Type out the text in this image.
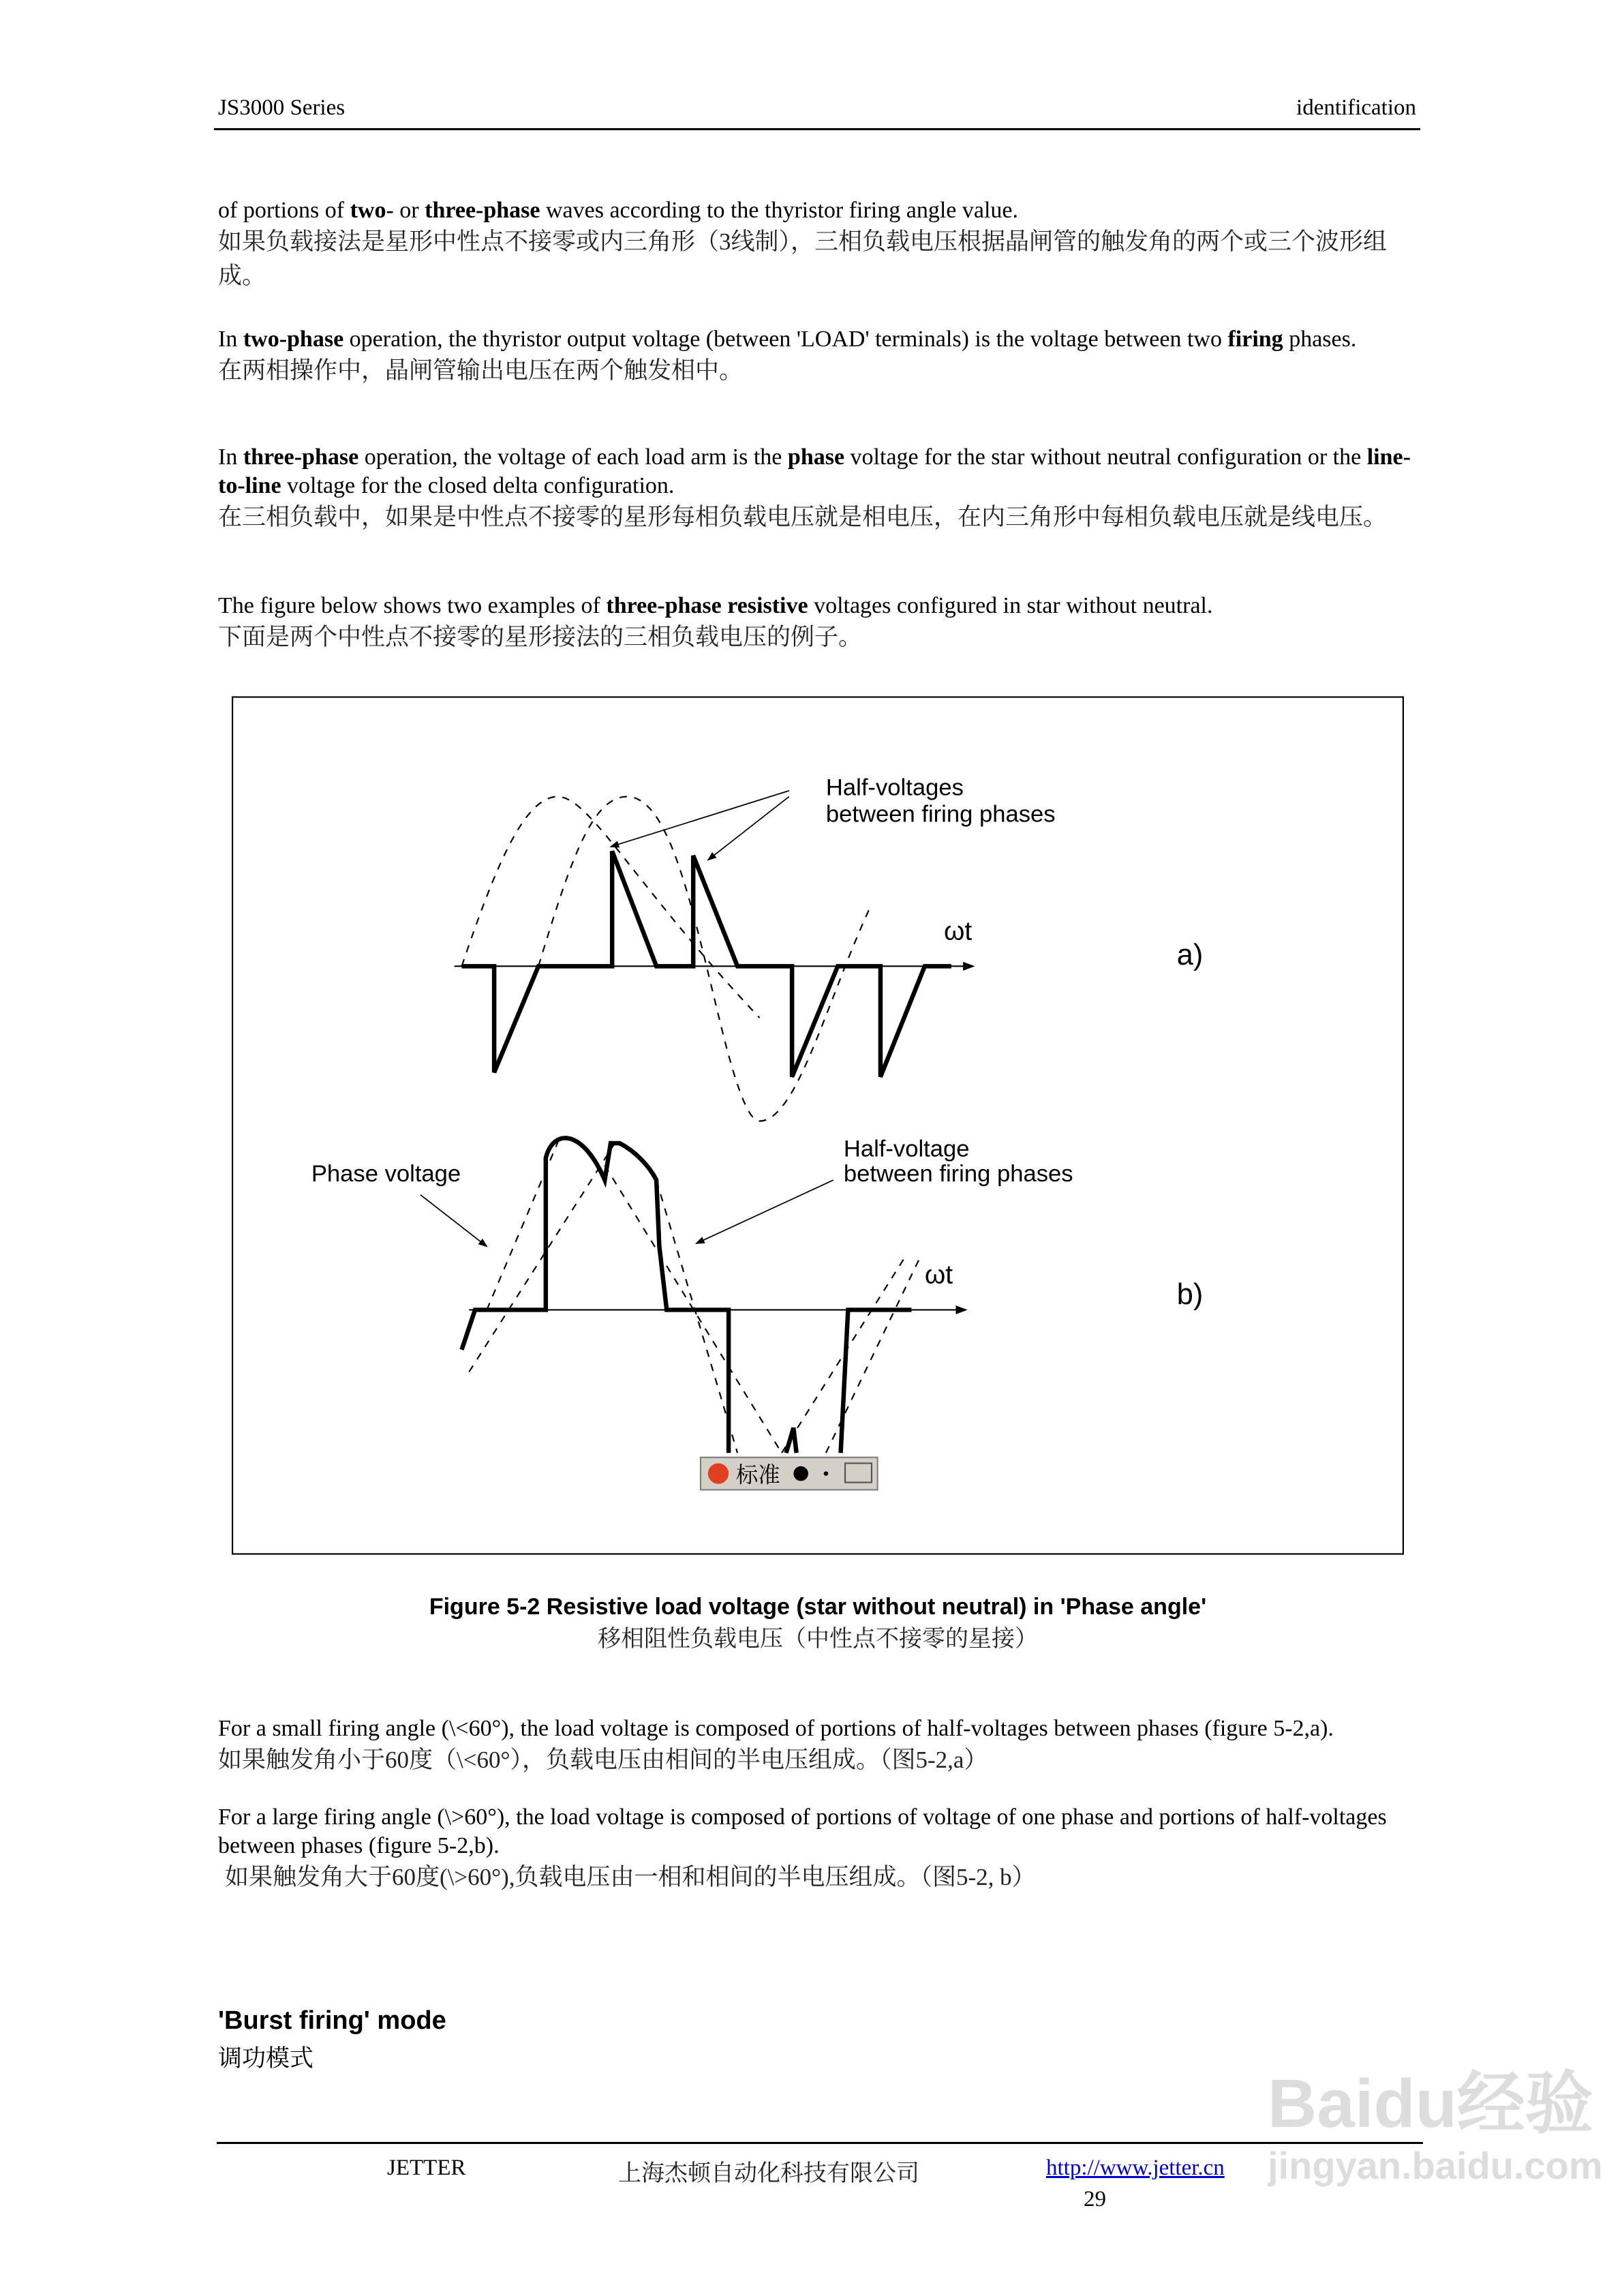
JS3000 Series	identification
of portions of two- or three-phase waves according to the thyristor firing angle value.
如果负载接法是星形中性点不接零或内三角形（3线制），三相负载电压根据晶闸管的触发角的两个或三个波形组成。
In two-phase operation, the thyristor output voltage (between 'LOAD' terminals) is the voltage between two firing phases.
在两相操作中，晶闸管输出电压在两个触发相中。
In three-phase operation, the voltage of each load arm is the phase voltage for the star without neutral configuration or the line-to-line voltage for the closed delta configuration.
在三相负载中，如果是中性点不接零的星形每相负载电压就是相电压，在内三角形中每相负载电压就是线电压。
The figure below shows two examples of three-phase resistive voltages configured in star without neutral.
下面是两个中性点不接零的星形接法的三相负载电压的例子。
Half-voltages
between firing phases
ωt
a)
Phase voltage
Half-voltage
between firing phases
ωt
b)
标准
Figure 5-2 Resistive load voltage (star without neutral) in 'Phase angle'
移相阻性负载电压（中性点不接零的星接）
For a small firing angle (\<60°), the load voltage is composed of portions of half-voltages between phases (figure 5-2,a).
如果触发角小于60度（\<60°），负载电压由相间的半电压组成。（图5-2,a）
For a large firing angle (\>60°), the load voltage is composed of portions of voltage of one phase and portions of half-voltages between phases (figure 5-2,b).
如果触发角大于60度(\>60°),负载电压由一相和相间的半电压组成。（图5-2, b）
'Burst firing' mode
调功模式
JETTER	上海杰顿自动化科技有限公司	http://www.jetter.cn
29
Baidu经验
jingyan.baidu.com
